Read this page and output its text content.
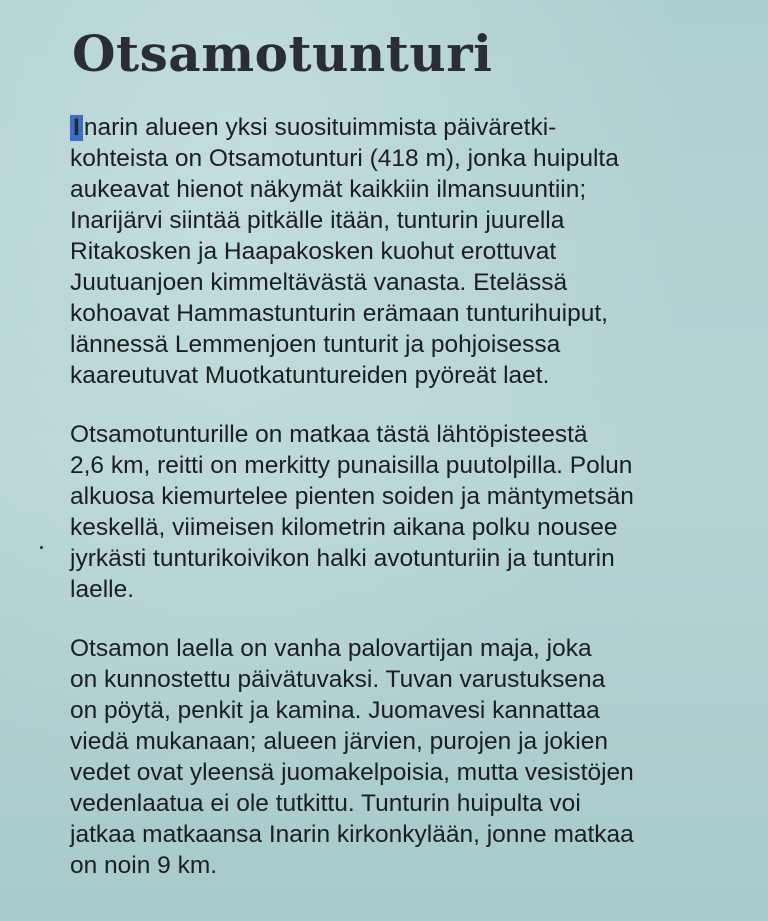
Otsamotunturi
I narin alueen yksi suosituimmista päiväretki-
kohteista on Otsamotunturi (418 m), jonka huipulta
aukeavat hienot näkymät kaikkiin ilmansuuntiin;
Inarijärvi siintää pitkälle itään, tunturin juurella
Ritakosken ja Haapakosken kuohut erottuvat
Juutuanjoen kimmeltävästä vanasta. Etelässä
kohoavat Hammastunturin erämaan tunturihuiput,
lännessä Lemmenjoen tunturit ja pohjoisessa
kaareutuvat Muotkatuntureiden pyöreät laet.
Otsamotunturille on matkaa tästä lähtöpisteestä
2,6 km, reitti on merkitty punaisilla puutolpilla. Polun
alkuosa kiemurtelee pienten soiden ja mäntymetsän
keskellä, viimeisen kilometrin aikana polku nousee
jyrkästi tunturikoivikon halki avotunturiin ja tunturin
laelle.
Otsamon laella on vanha palovartijan maja, joka
on kunnostettu päivätuvaksi. Tuvan varustuksena
on pöytä, penkit ja kamina. Juomavesi kannattaa
viedä mukanaan; alueen järvien, purojen ja jokien
vedet ovat yleensä juomakelpoisia, mutta vesistöjen
vedenlaatua ei ole tutkittu. Tunturin huipulta voi
jatkaa matkaansa Inarin kirkonkylään, jonne matkaa
on noin 9 km.
